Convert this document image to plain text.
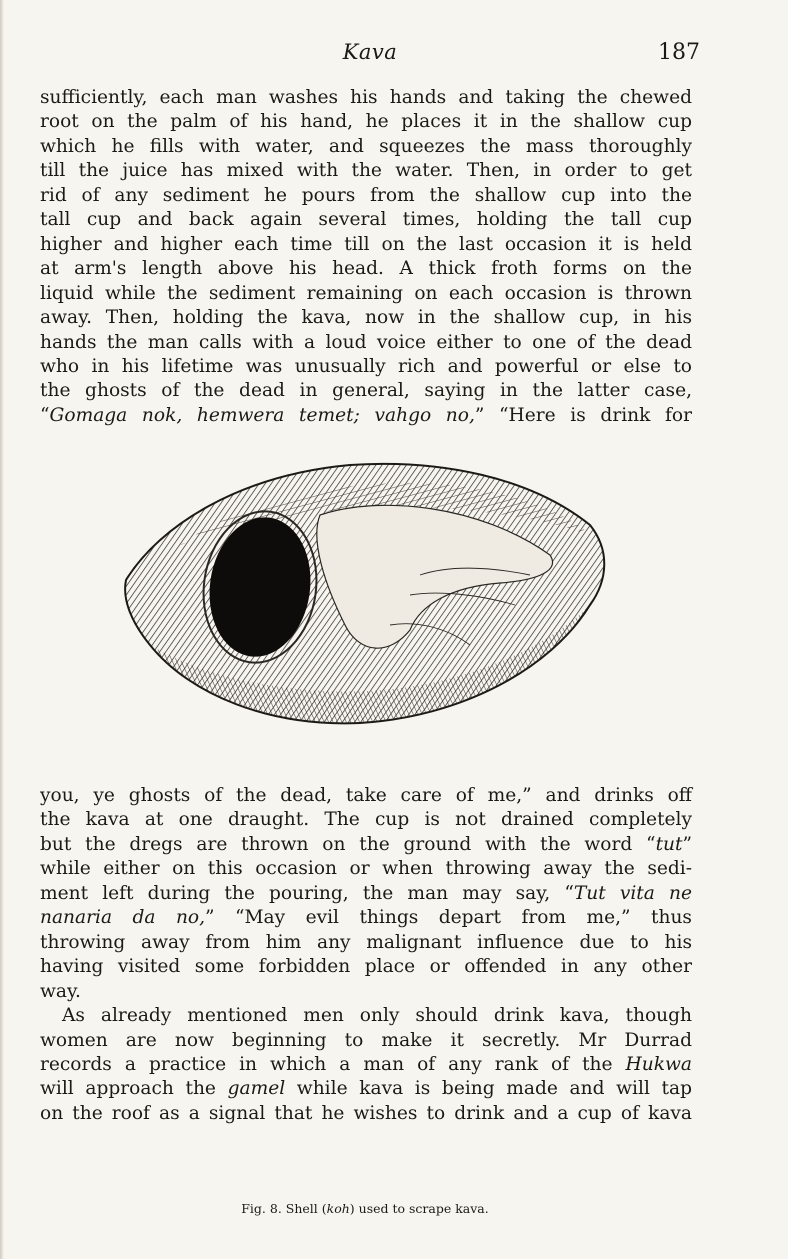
Kava	187
sufficiently, each man washes his hands and taking the chewed
root on the palm of his hand, he places it in the shallow cup
which he fills with water, and squeezes the mass thoroughly
till the juice has mixed with the water. Then, in order to get
rid of any sediment he pours from the shallow cup into the
tall cup and back again several times, holding the tall cup
higher and higher each time till on the last occasion it is held
at arm's length above his head. A thick froth forms on the
liquid while the sediment remaining on each occasion is thrown
away. Then, holding the kava, now in the shallow cup, in his
hands the man calls with a loud voice either to one of the dead
who in his lifetime was unusually rich and powerful or else to
the ghosts of the dead in general, saying in the latter case,
“Gomaga nok, hemwera temet; vahgo no,” “Here is drink for
Fig. 8. Shell (koh) used to scrape kava.
you, ye ghosts of the dead, take care of me,” and drinks off
the kava at one draught. The cup is not drained completely
but the dregs are thrown on the ground with the word “tut”
while either on this occasion or when throwing away the sedi-
ment left during the pouring, the man may say, “Tut vita ne
nanaria da no,” “May evil things depart from me,” thus
throwing away from him any malignant influence due to his
having visited some forbidden place or offended in any other
way.
As already mentioned men only should drink kava, though
women are now beginning to make it secretly. Mr Durrad
records a practice in which a man of any rank of the Hukwa
will approach the gamel while kava is being made and will tap
on the roof as a signal that he wishes to drink and a cup of kava
